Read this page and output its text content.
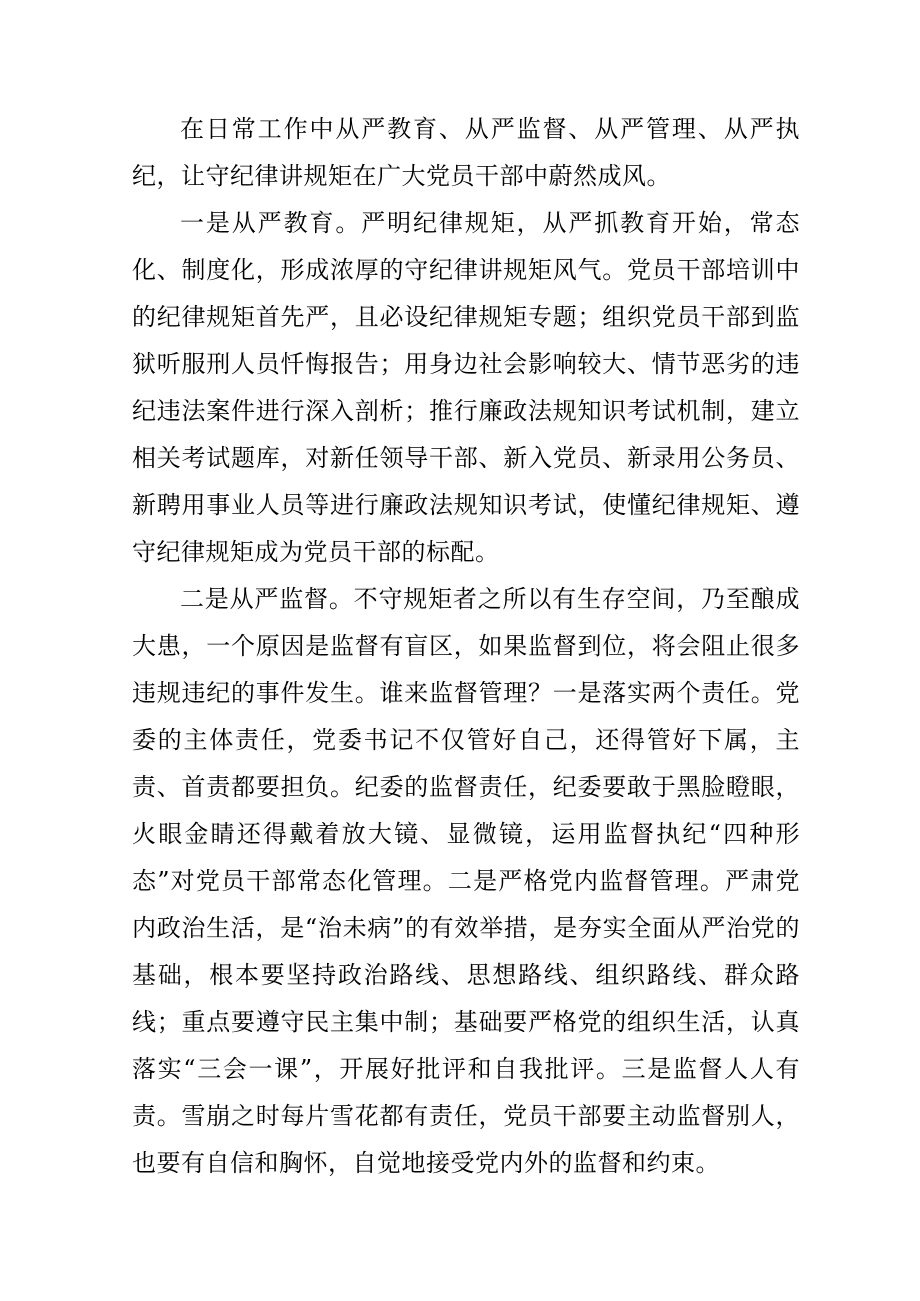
在日常工作中从严教育、从严监督、从严管理、从严执纪，让守纪律讲规矩在广大党员干部中蔚然成风。

一是从严教育。严明纪律规矩，从严抓教育开始，常态化、制度化，形成浓厚的守纪律讲规矩风气。党员干部培训中的纪律规矩首先严，且必设纪律规矩专题；组织党员干部到监狱听服刑人员忏悔报告；用身边社会影响较大、情节恶劣的违纪违法案件进行深入剖析；推行廉政法规知识考试机制，建立相关考试题库，对新任领导干部、新入党员、新录用公务员、新聘用事业人员等进行廉政法规知识考试，使懂纪律规矩、遵守纪律规矩成为党员干部的标配。

二是从严监督。不守规矩者之所以有生存空间，乃至酿成大患，一个原因是监督有盲区，如果监督到位，将会阻止很多违规违纪的事件发生。谁来监督管理？一是落实两个责任。党委的主体责任，党委书记不仅管好自己，还得管好下属，主责、首责都要担负。纪委的监督责任，纪委要敢于黑脸瞪眼，火眼金睛还得戴着放大镜、显微镜，运用监督执纪“四种形态”对党员干部常态化管理。二是严格党内监督管理。严肃党内政治生活，是“治未病”的有效举措，是夯实全面从严治党的基础，根本要坚持政治路线、思想路线、组织路线、群众路线；重点要遵守民主集中制；基础要严格党的组织生活，认真落实“三会一课”，开展好批评和自我批评。三是监督人人有责。雪崩之时每片雪花都有责任，党员干部要主动监督别人，也要有自信和胸怀，自觉地接受党内外的监督和约束。
